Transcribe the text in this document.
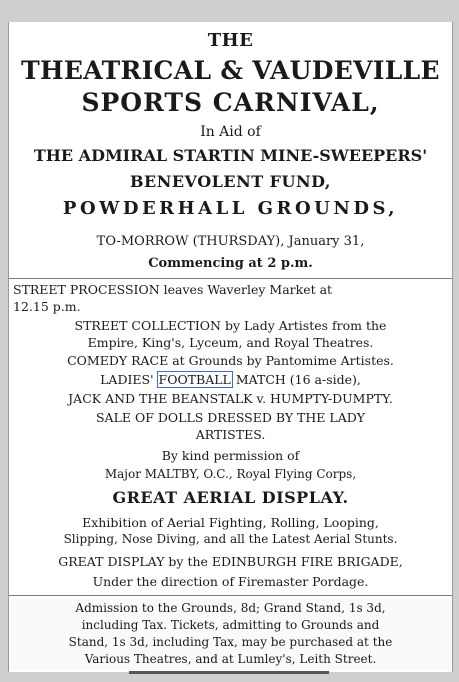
THE
THEATRICAL & VAUDEVILLE
SPORTS CARNIVAL,
In Aid of
THE ADMIRAL STARTIN MINE-SWEEPERS'
BENEVOLENT FUND,
POWDERHALL GROUNDS,
TO-MORROW (THURSDAY), January 31,
Commencing at 2 p.m.
STREET PROCESSION leaves Waverley Market at
12.15 p.m.
STREET COLLECTION by Lady Artistes from the
Empire, King's, Lyceum, and Royal Theatres.
COMEDY RACE at Grounds by Pantomime Artistes.
LADIES' FOOTBALL MATCH (16 a-side),
JACK AND THE BEANSTALK v. HUMPTY-DUMPTY.
SALE OF DOLLS DRESSED BY THE LADY
ARTISTES.
By kind permission of
Major MALTBY, O.C., Royal Flying Corps,
GREAT AERIAL DISPLAY.
Exhibition of Aerial Fighting, Rolling, Looping,
Slipping, Nose Diving, and all the Latest Aerial Stunts.
GREAT DISPLAY by the EDINBURGH FIRE BRIGADE,
Under the direction of Firemaster Pordage.
Admission to the Grounds, 8d; Grand Stand, 1s 3d,
including Tax. Tickets, admitting to Grounds and
Stand, 1s 3d, including Tax, may be purchased at the
Various Theatres, and at Lumley's, Leith Street.
